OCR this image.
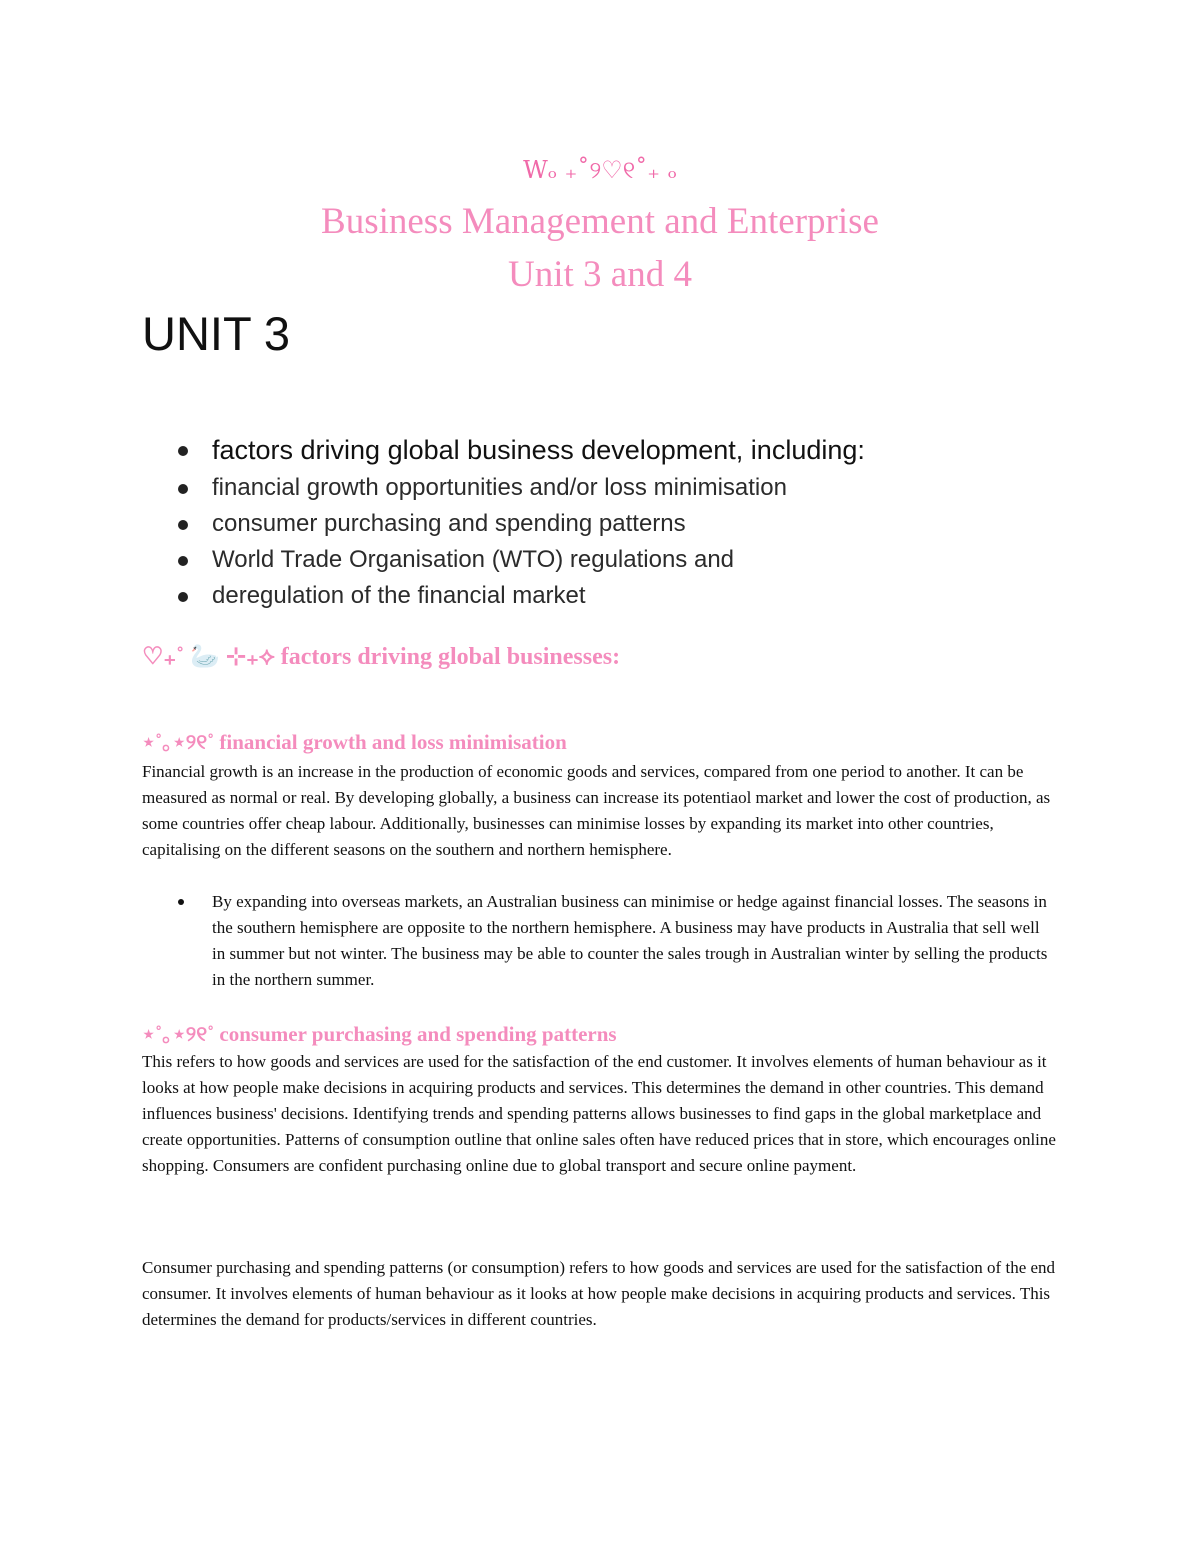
Wₒ ₊˚୨♡୧˚₊ ₒ
Business Management and Enterprise
Unit 3 and 4
UNIT 3
factors driving global business development, including:
financial growth opportunities and/or loss minimisation
consumer purchasing and spending patterns
World Trade Organisation (WTO) regulations and
deregulation of the financial market
♡₊˚ 🦢 ⊹₊⟡ factors driving global businesses:
⋆˚｡⋆୨୧˚ financial growth and loss minimisation

Financial growth is an increase in the production of economic goods and services, compared from one period to another. It can be measured as normal or real. By developing globally, a business can increase its potentiaol market and lower the cost of production, as some countries offer cheap labour. Additionally, businesses can minimise losses by expanding its market into other countries, capitalising on the different seasons on the southern and northern hemisphere.

By expanding into overseas markets, an Australian business can minimise or hedge against financial losses. The seasons in the southern hemisphere are opposite to the northern hemisphere. A business may have products in Australia that sell well in summer but not winter. The business may be able to counter the sales trough in Australian winter by selling the products in the northern summer.
⋆˚｡⋆୨୧˚ consumer purchasing and spending patterns

This refers to how goods and services are used for the satisfaction of the end customer. It involves elements of human behaviour as it looks at how people make decisions in acquiring products and services. This determines the demand in other countries. This demand influences business' decisions. Identifying trends and spending patterns allows businesses to find gaps in the global marketplace and create opportunities. Patterns of consumption outline that online sales often have reduced prices that in store, which encourages online shopping. Consumers are confident purchasing online due to global transport and secure online payment.

Consumer purchasing and spending patterns (or consumption) refers to how goods and services are used for the satisfaction of the end consumer. It involves elements of human behaviour as it looks at how people make decisions in acquiring products and services. This determines the demand for products/services in different countries.
